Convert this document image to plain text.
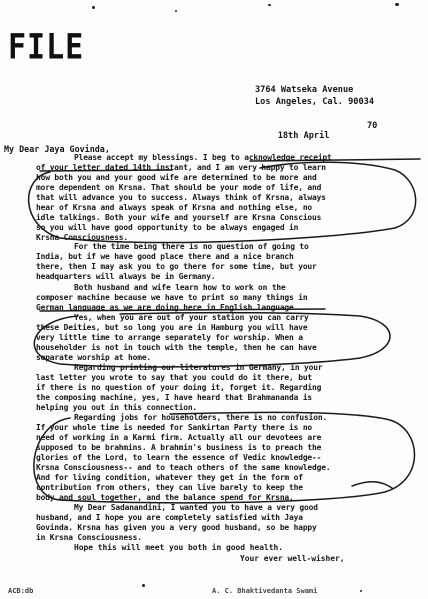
FILE
3764 Watseka Avenue
Los Angeles, Cal. 90034

18th April

70

My Dear Jaya Govinda,
Please accept my blessings. I beg to acknowledge receipt
of your letter dated 14th instant, and I am very happy to learn
how both you and your good wife are determined to be more and
more dependent on Krsna. That should be your mode of life, and
that will advance you to success. Always think of Krsna, always
hear of Krsna and always speak of Krsna and nothing else, no
idle talkings. Both your wife and yourself are Krsna Conscious
so you will have good opportunity to be always engaged in
Krsna Consciousness.
For the time being there is no question of going to
India, but if we have good place there and a nice branch
there, then I may ask you to go there for some time, but your
headquarters will always be in Germany.
Both husband and wife learn how to work on the
composer machine because we have to print so many things in
German language as we are doing here in English language.
Yes, when you are out of your station you can carry
these Deities, but so long you are in Hamburg you will have
very little time to arrange separately for worship. When a
householder is not in touch with the temple, then he can have
separate worship at home.
Regarding printing our literatures in Germany, in your
last letter you wrote to say that you could do it there, but
if there is no question of your doing it, forget it. Regarding
the composing machine, yes, I have heard that Brahmananda is
helping you out in this connection.
Regarding jobs for householders, there is no confusion.
If your whole time is needed for Sankirtan Party there is no
need of working in a Karmi firm. Actually all our devotees are
supposed to be brahmins. A brahmin's business is to preach the
glories of the Lord, to learn the essence of Vedic knowledge--
Krsna Consciousness-- and to teach others of the same knowledge.
And for living condition, whatever they get in the form of
contribution from others, they can live barely to keep the
body and soul together, and the balance spend for Krsna.
My Dear Sadanandini, I wanted you to have a very good
husband, and I hope you are completely satisfied with Jaya
Govinda. Krsna has given you a very good husband, so be happy
in Krsna Consciousness.
Hope this will meet you both in good health.
Your ever well-wisher,
ACB:db	A. C. Bhaktivedanta Swami
